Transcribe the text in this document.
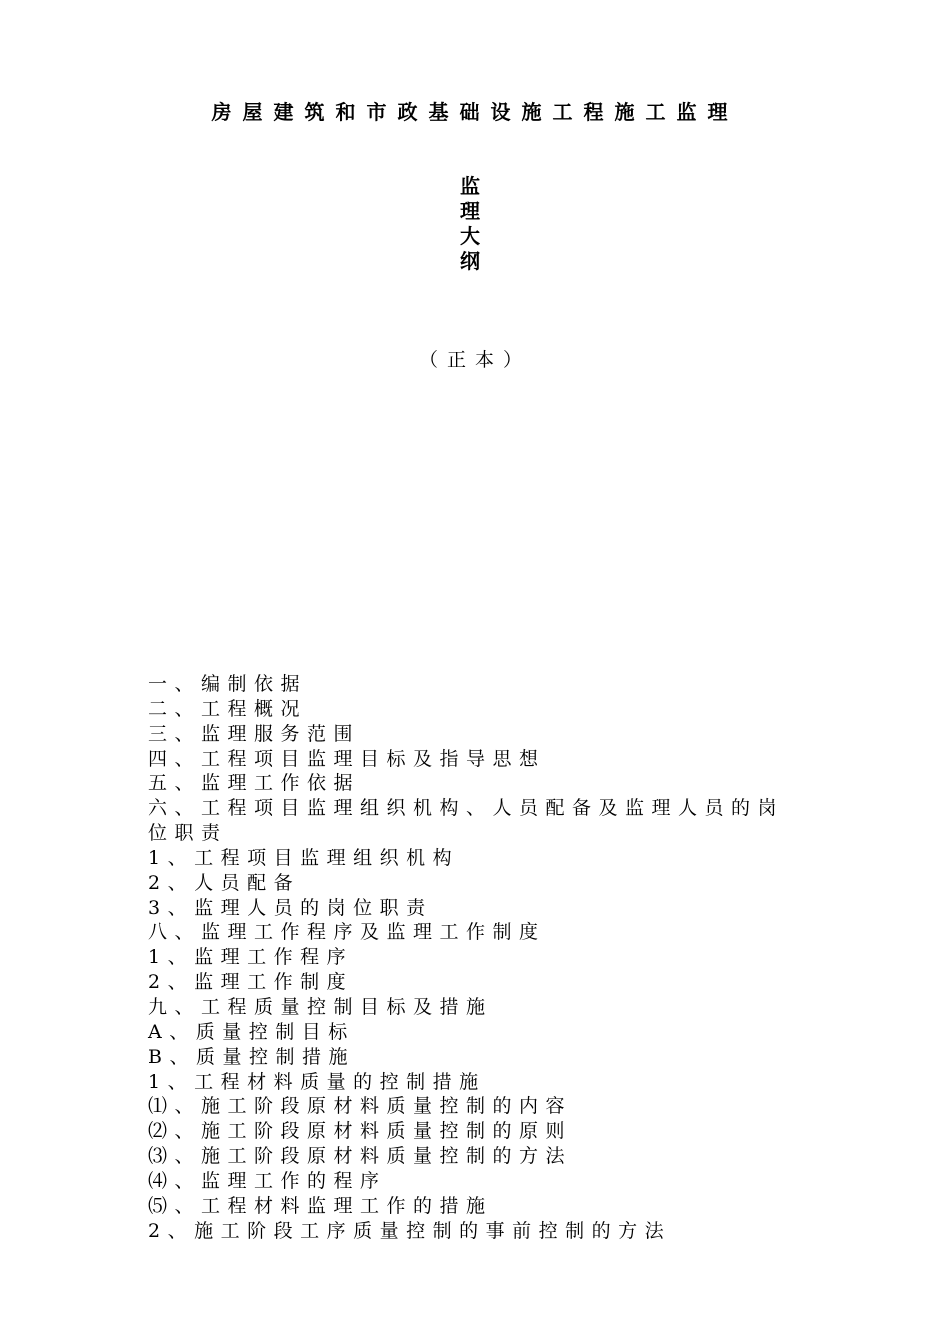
房屋建筑和市政基础设施工程施工监理
监
理
大
纲
（正本）
一、编制依据
二、工程概况
三、监理服务范围
四、工程项目监理目标及指导思想
五、监理工作依据
六、工程项目监理组织机构、人员配备及监理人员的岗位职责
1、工程项目监理组织机构
2、人员配备
3、监理人员的岗位职责
八、监理工作程序及监理工作制度
1、监理工作程序
2、监理工作制度
九、工程质量控制目标及措施
A、质量控制目标
B、质量控制措施
1、工程材料质量的控制措施
⑴、施工阶段原材料质量控制的内容
⑵、施工阶段原材料质量控制的原则
⑶、施工阶段原材料质量控制的方法
⑷、监理工作的程序
⑸、工程材料监理工作的措施
2、施工阶段工序质量控制的事前控制的方法
